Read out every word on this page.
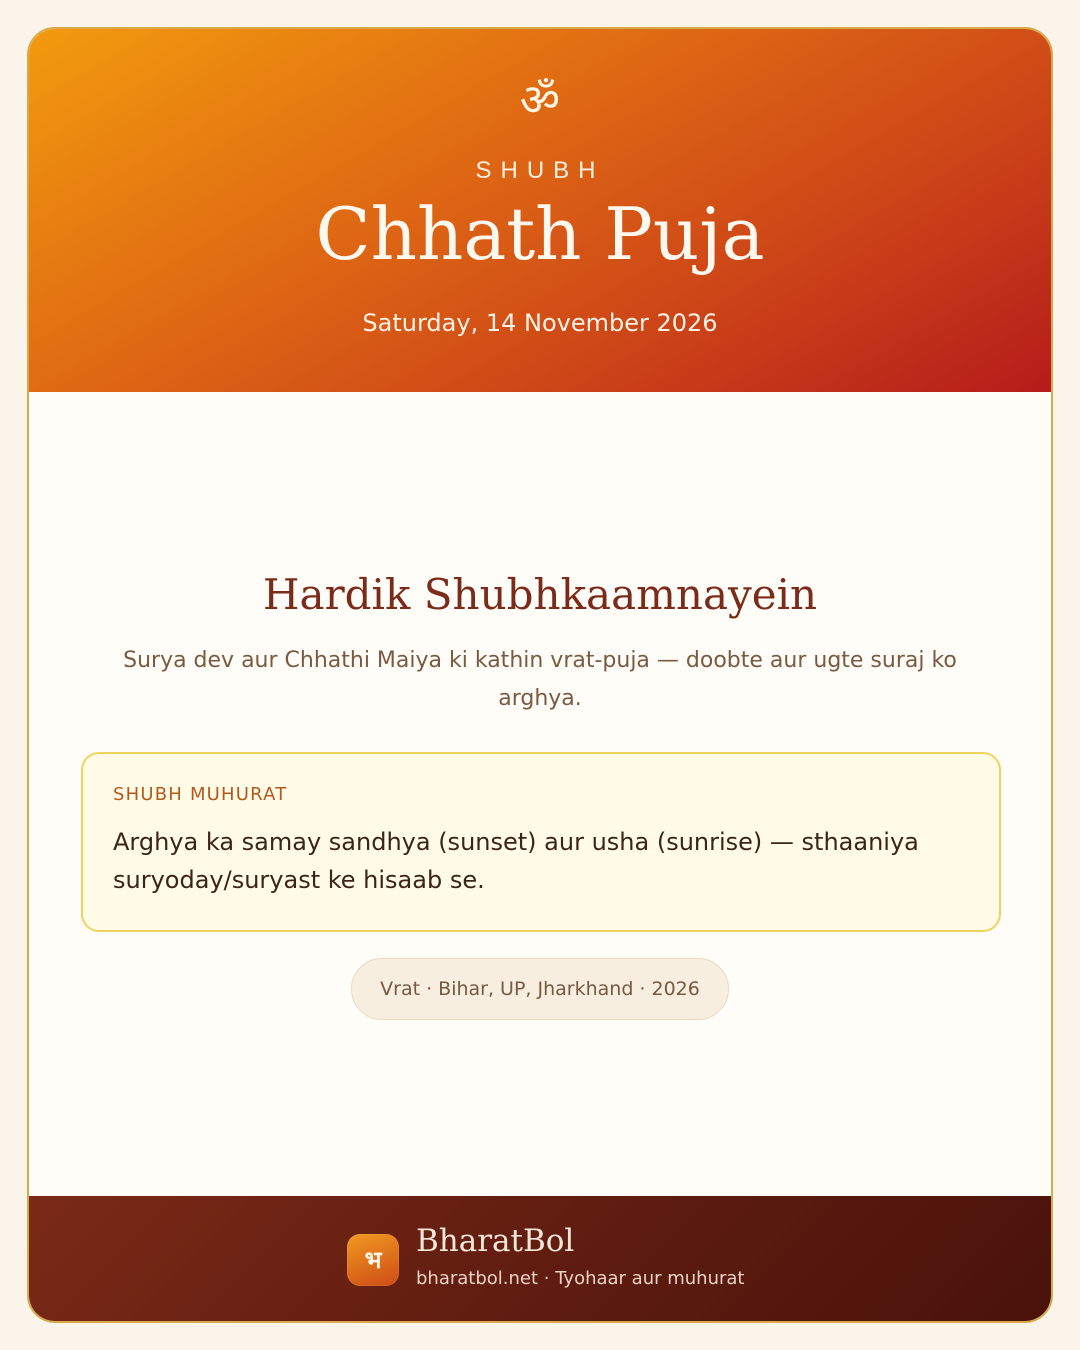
ॐ
SHUBH
Chhath Puja
Saturday, 14 November 2026
Hardik Shubhkaamnayein
Surya dev aur Chhathi Maiya ki kathin vrat-puja — doobte aur ugte suraj ko arghya.
SHUBH MUHURAT
Arghya ka samay sandhya (sunset) aur usha (sunrise) — sthaaniya suryoday/suryast ke hisaab se.
Vrat · Bihar, UP, Jharkhand · 2026
भ
BharatBol
bharatbol.net · Tyohaar aur muhurat
